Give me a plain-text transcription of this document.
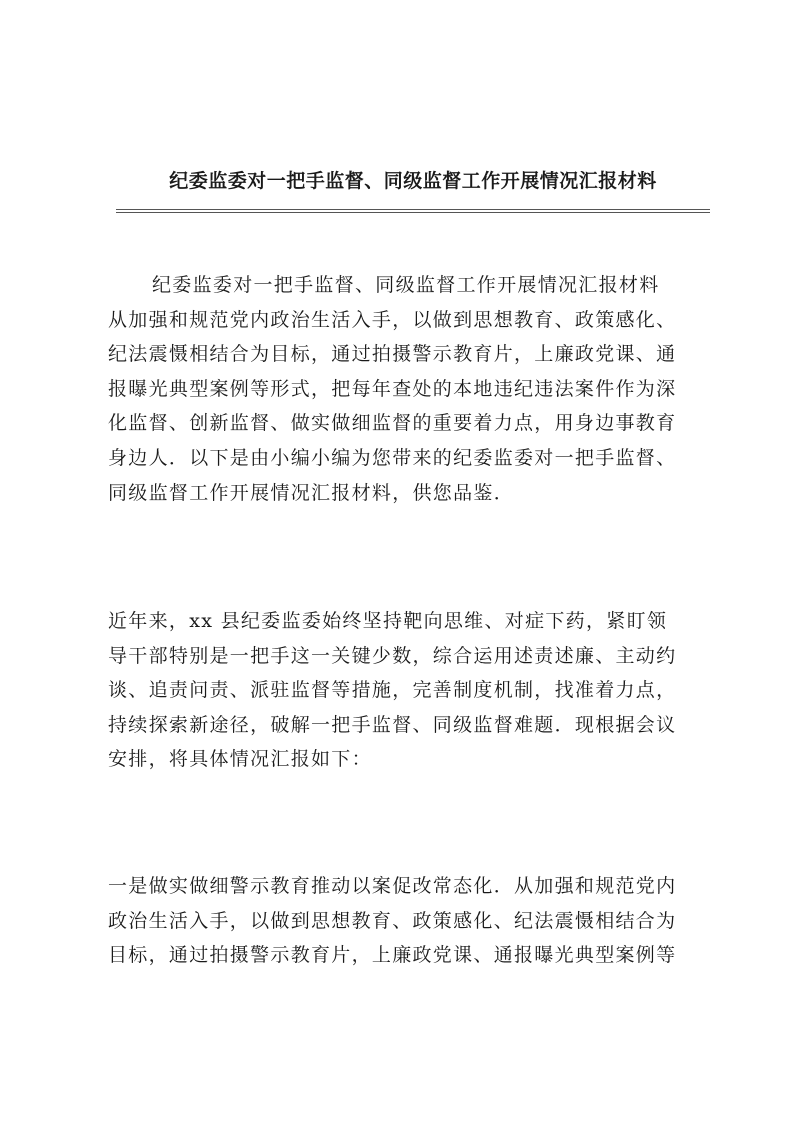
纪委监委对一把手监督、同级监督工作开展情况汇报材料
纪委监委对一把手监督、同级监督工作开展情况汇报材料
从加强和规范党内政治生活入手，以做到思想教育、政策感化、
纪法震慑相结合为目标，通过拍摄警示教育片，上廉政党课、通
报曝光典型案例等形式，把每年查处的本地违纪违法案件作为深
化监督、创新监督、做实做细监督的重要着力点，用身边事教育
身边人．以下是由小编小编为您带来的纪委监委对一把手监督、
同级监督工作开展情况汇报材料，供您品鉴．
近年来，xx 县纪委监委始终坚持靶向思维、对症下药，紧盯领
导干部特别是一把手这一关键少数，综合运用述责述廉、主动约
谈、追责问责、派驻监督等措施，完善制度机制，找准着力点，
持续探索新途径，破解一把手监督、同级监督难题．现根据会议
安排，将具体情况汇报如下：
一是做实做细警示教育推动以案促改常态化．从加强和规范党内
政治生活入手，以做到思想教育、政策感化、纪法震慑相结合为
目标，通过拍摄警示教育片，上廉政党课、通报曝光典型案例等
